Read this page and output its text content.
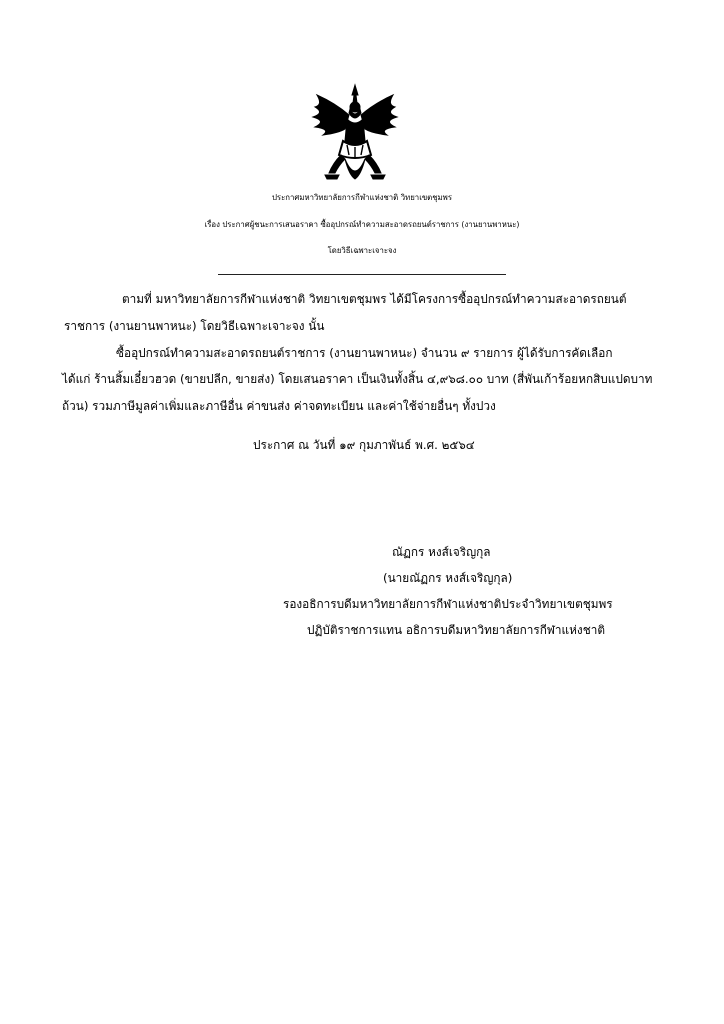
ประกาศมหาวิทยาลัยการกีฬาแห่งชาติ วิทยาเขตชุมพร
เรื่อง ประกาศผู้ชนะการเสนอราคา ซื้ออุปกรณ์ทำความสะอาดรถยนต์ราชการ (งานยานพาหนะ)
โดยวิธีเฉพาะเจาะจง
ตามที่ มหาวิทยาลัยการกีฬาแห่งชาติ วิทยาเขตชุมพร ได้มีโครงการซื้ออุปกรณ์ทำความสะอาดรถยนต์
ราชการ (งานยานพาหนะ) โดยวิธีเฉพาะเจาะจง นั้น
ซื้ออุปกรณ์ทำความสะอาดรถยนต์ราชการ (งานยานพาหนะ) จำนวน ๙ รายการ ผู้ได้รับการคัดเลือก
ได้แก่ ร้านสิ้มเอี๋ยวฮวด (ขายปลีก, ขายส่ง) โดยเสนอราคา เป็นเงินทั้งสิ้น ๔,๙๖๘.๐๐ บาท (สี่พันเก้าร้อยหกสิบแปดบาท
ถ้วน) รวมภาษีมูลค่าเพิ่มและภาษีอื่น ค่าขนส่ง ค่าจดทะเบียน และค่าใช้จ่ายอื่นๆ ทั้งปวง
ประกาศ ณ วันที่ ๑๙ กุมภาพันธ์ พ.ศ. ๒๕๖๔
ณัฏกร หงส์เจริญกุล
(นายณัฏกร หงส์เจริญกุล)
รองอธิการบดีมหาวิทยาลัยการกีฬาแห่งชาติประจำวิทยาเขตชุมพร
ปฏิบัติราชการแทน อธิการบดีมหาวิทยาลัยการกีฬาแห่งชาติ
